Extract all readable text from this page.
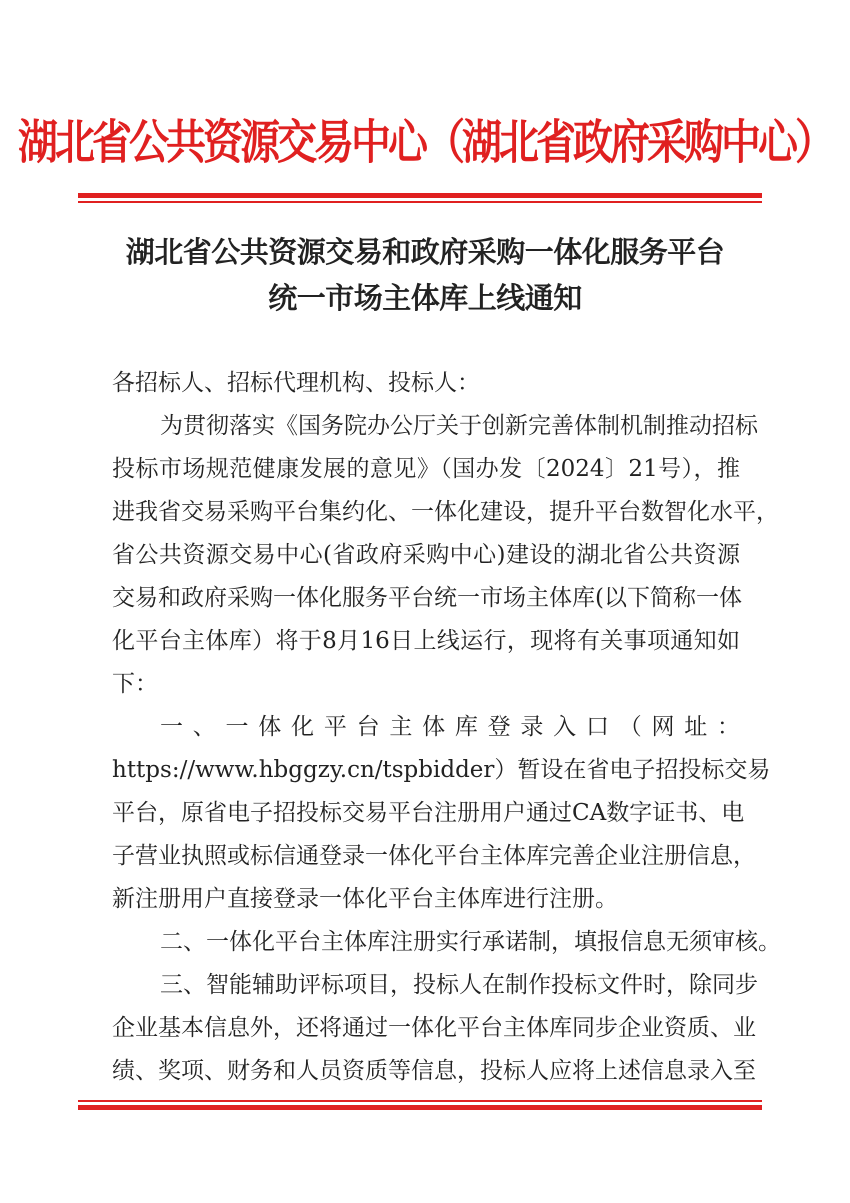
湖北省公共资源交易中心（湖北省政府采购中心）
湖北省公共资源交易和政府采购一体化服务平台
统一市场主体库上线通知
各招标人、招标代理机构、投标人：
为贯彻落实《国务院办公厅关于创新完善体制机制推动招标
投标市场规范健康发展的意见》（国办发〔2024〕21号），推
进我省交易采购平台集约化、一体化建设，提升平台数智化水平，
省公共资源交易中心(省政府采购中心)建设的湖北省公共资源
交易和政府采购一体化服务平台统一市场主体库(以下简称一体
化平台主体库）将于8月16日上线运行，现将有关事项通知如
下：
一、一体化平台主体库登录入口（网址：
https://www.hbggzy.cn/tspbidder）暂设在省电子招投标交易
平台，原省电子招投标交易平台注册用户通过CA数字证书、电
子营业执照或标信通登录一体化平台主体库完善企业注册信息，
新注册用户直接登录一体化平台主体库进行注册。
二、一体化平台主体库注册实行承诺制，填报信息无须审核。
三、智能辅助评标项目，投标人在制作投标文件时，除同步
企业基本信息外，还将通过一体化平台主体库同步企业资质、业
绩、奖项、财务和人员资质等信息，投标人应将上述信息录入至
